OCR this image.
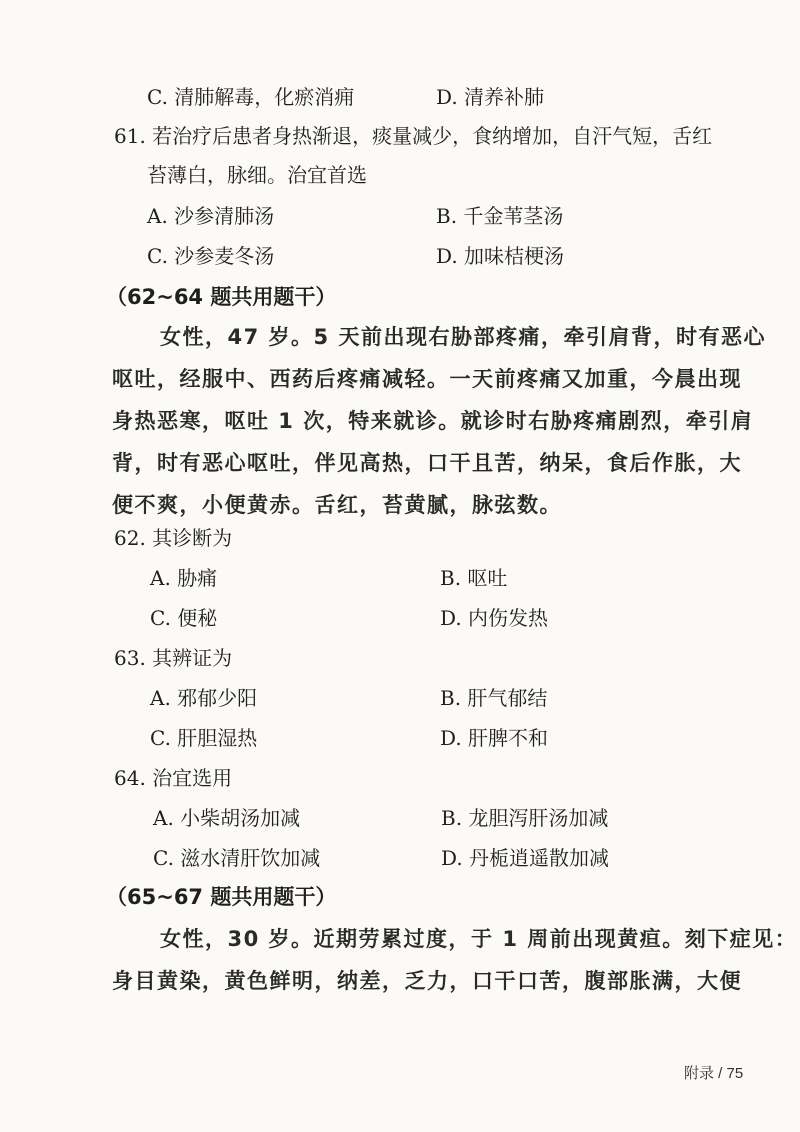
C. 清肺解毒，化瘀消痈	D. 清养补肺
61. 若治疗后患者身热渐退，痰量减少，食纳增加，自汗气短，舌红
苔薄白，脉细。治宜首选
A. 沙参清肺汤	B. 千金苇茎汤
C. 沙参麦冬汤	D. 加味桔梗汤
（62~64 题共用题干）
女性，47 岁。5 天前出现右胁部疼痛，牵引肩背，时有恶心
呕吐，经服中、西药后疼痛减轻。一天前疼痛又加重，今晨出现
身热恶寒，呕吐 1 次，特来就诊。就诊时右胁疼痛剧烈，牵引肩
背，时有恶心呕吐，伴见高热，口干且苦，纳呆，食后作胀，大
便不爽，小便黄赤。舌红，苔黄腻，脉弦数。
62. 其诊断为
A. 胁痛	B. 呕吐
C. 便秘	D. 内伤发热
63. 其辨证为
A. 邪郁少阳	B. 肝气郁结
C. 肝胆湿热	D. 肝脾不和
64. 治宜选用
A. 小柴胡汤加减	B. 龙胆泻肝汤加减
C. 滋水清肝饮加减	D. 丹栀逍遥散加减
（65~67 题共用题干）
女性，30 岁。近期劳累过度，于 1 周前出现黄疸。刻下症见：
身目黄染，黄色鲜明，纳差，乏力，口干口苦，腹部胀满，大便
附录 / 75
